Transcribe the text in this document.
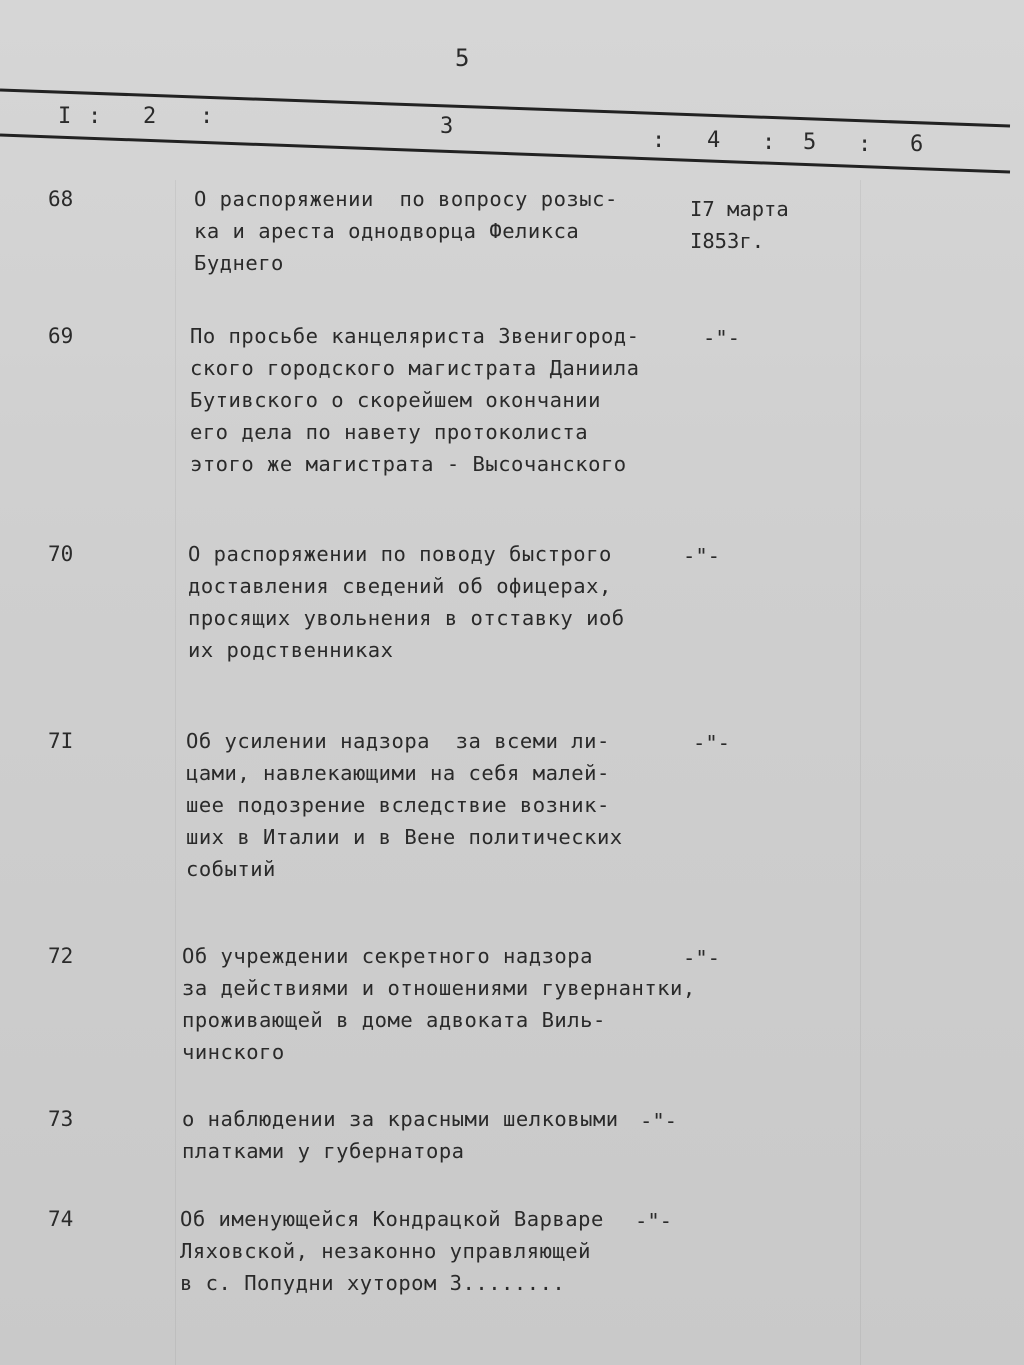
5
I : 2 :	3
: 4 : 5 : 6
68	О распоряжении  по вопросу розыс-
ка и ареста однодворца Феликса
Буднего
I7 марта
I853г.
69	По просьбе канцеляриста Звенигород-
ского городского магистрата Даниила
Бутивского о скорейшем окончании
его дела по навету протоколиста
этого же магистрата - Высочанского
-"-
70	О распоряжении по поводу быстрого
доставления сведений об офицерах,
просящих увольнения в отставку иоб
их родственниках
-"-
7I	Об усилении надзора  за всеми ли-
цами, навлекающими на себя малей-
шее подозрение вследствие возник-
ших в Италии и в Вене политических
событий
-"-
72	Об учреждении секретного надзора
за действиями и отношениями гувернантки,
проживающей в доме адвоката Виль-
чинского
-"-
73	о наблюдении за красными шелковыми
платками у губернатора
-"-
74	Об именующейся Кондрацкой Варваре
Ляховской, незаконно управляющей
в с. Попудни хутором З........
-"-
